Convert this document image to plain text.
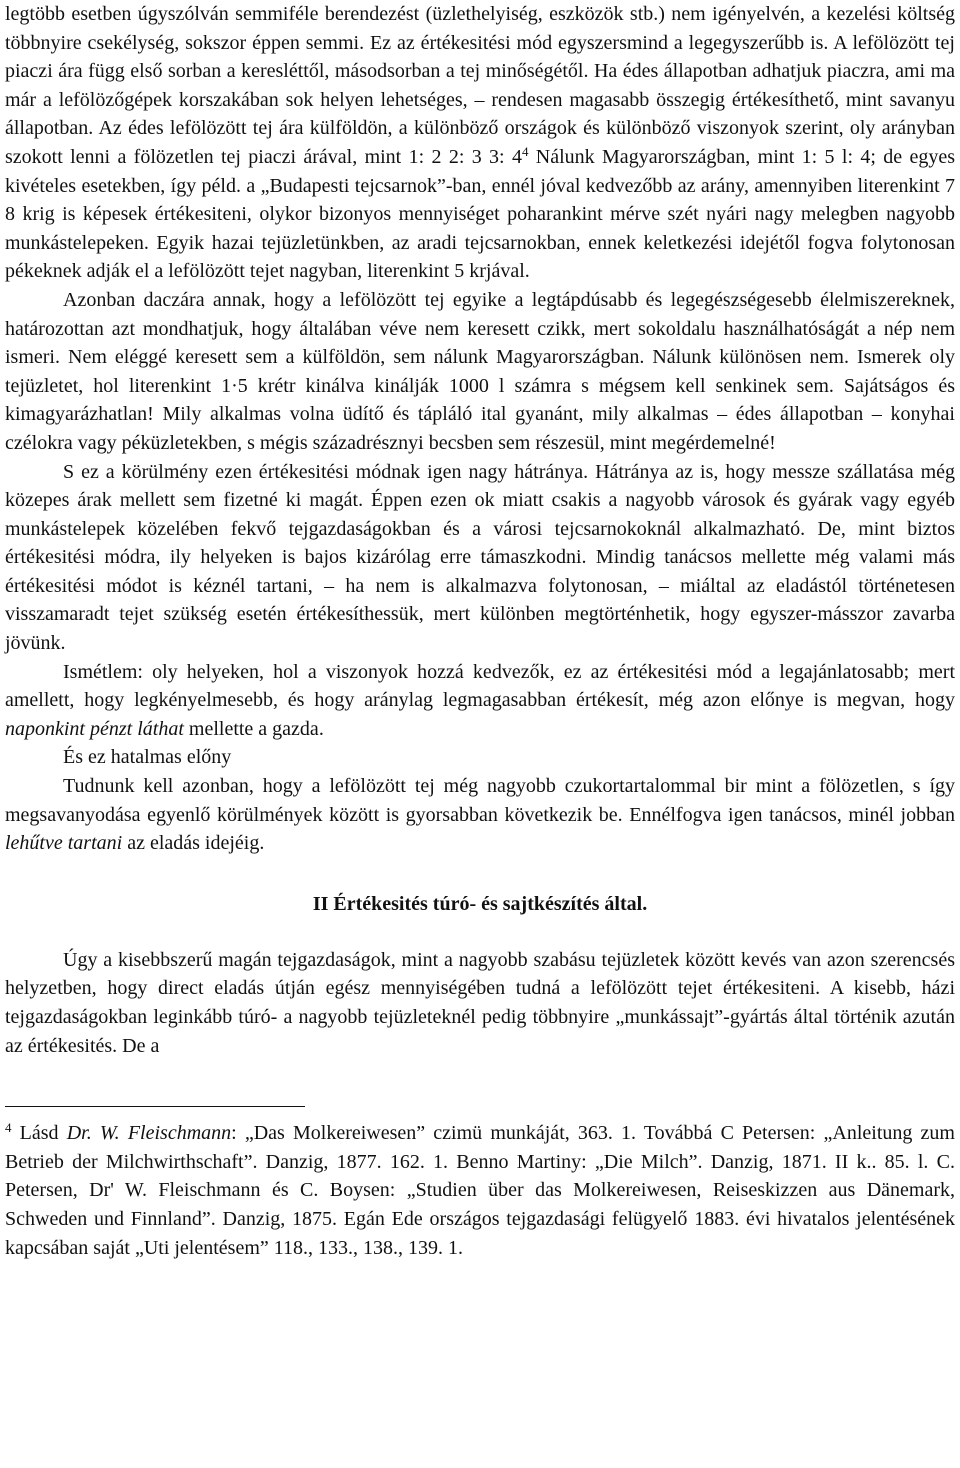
legtöbb esetben úgyszólván semmiféle berendezést (üzlethelyiség, eszközök stb.) nem igényelvén, a kezelési költség többnyire csekélység, sokszor éppen semmi. Ez az értékesitési mód egyszersmind a legegyszerűbb is. A lefölözött tej piaczi ára függ első sorban a keresléttől, másodsorban a tej minőségétől. Ha édes állapotban adhatjuk piaczra, ami ma már a lefölözőgépek korszakában sok helyen lehetséges, – rendesen magasabb összegig értékesíthető, mint savanyu állapotban. Az édes lefölözött tej ára külföldön, a különböző országok és különböző viszonyok szerint, oly arányban szokott lenni a fölözetlen tej piaczi árával, mint 1: 2 2: 3 3: $4^4$ Nálunk Magyarországban, mint 1: 5 l: 4; de egyes kivételes esetekben, így péld. a „Budapesti tejcsarnok”-ban, ennél jóval kedvezőbb az arány, amennyiben literenkint 7 8 krig is képesek értékesiteni, olykor bizonyos mennyiséget poharankint mérve szét nyári nagy melegben nagyobb munkástelepeken. Egyik hazai tejüzletünkben, az aradi tejcsarnokban, ennek keletkezési idejétől fogva folytonosan pékeknek adják el a lefölözött tejet nagyban, literenkint 5 krjával.

Azonban daczára annak, hogy a lefölözött tej egyike a legtápdúsabb és legegészségesebb élelmiszereknek, határozottan azt mondhatjuk, hogy általában véve nem keresett czikk, mert sokoldalu használhatóságát a nép nem ismeri. Nem eléggé keresett sem a külföldön, sem nálunk Magyarországban. Nálunk különösen nem. Ismerek oly tejüzletet, hol literenkint 1·5 krétr kinálva kinálják 1000 l számra s mégsem kell senkinek sem. Sajátságos és kimagyarázhatlan! Mily alkalmas volna üdítő és tápláló ital gyanánt, mily alkalmas – édes állapotban – konyhai czélokra vagy péküzletekben, s mégis századrésznyi becsben sem részesül, mint megérdemelné!

S ez a körülmény ezen értékesitési módnak igen nagy hátránya. Hátránya az is, hogy messze szállatása még közepes árak mellett sem fizetné ki magát. Éppen ezen ok miatt csakis a nagyobb városok és gyárak vagy egyéb munkástelepek közelében fekvő tejgazdaságokban és a városi tejcsarnokoknál alkalmazható. De, mint biztos értékesitési módra, ily helyeken is bajos kizárólag erre támaszkodni. Mindig tanácsos mellette még valami más értékesitési módot is kéznél tartani, – ha nem is alkalmazva folytonosan, – miáltal az eladástól történetesen visszamaradt tejet szükség esetén értékesíthessük, mert különben megtörténhetik, hogy egyszer-másszor zavarba jövünk.

Ismétlem: oly helyeken, hol a viszonyok hozzá kedvezők, ez az értékesitési mód a legajánlatosabb; mert amellett, hogy legkényelmesebb, és hogy aránylag legmagasabban értékesít, még azon előnye is megvan, hogy naponkint pénzt láthat mellette a gazda.

És ez hatalmas előny

Tudnunk kell azonban, hogy a lefölözött tej még nagyobb czukortartalommal bir mint a fölözetlen, s így megsavanyodása egyenlő körülmények között is gyorsabban következik be. Ennélfogva igen tanácsos, minél jobban lehűtve tartani az eladás idejéig.

II Értékesités túró- és sajtkészítés által.

Úgy a kisebbszerű magán tejgazdaságok, mint a nagyobb szabásu tejüzletek között kevés van azon szerencsés helyzetben, hogy direct eladás útján egész mennyiségében tudná a lefölözött tejet értékesiteni. A kisebb, házi tejgazdaságokban leginkább túró- a nagyobb tejüzleteknél pedig többnyire „munkássajt”-gyártás által történik azután az értékesités. De a

$^4$ Lásd Dr. W. Fleischmann: „Das Molkereiwesen” czimü munkáját, 363. 1. Továbbá C Petersen: „Anleitung zum Betrieb der Milchwirthschaft”. Danzig, 1877. 162. 1. Benno Martiny: „Die Milch”. Danzig, 1871. II k.. 85. l. C. Petersen, Dr' W. Fleischmann és C. Boysen: „Studien über das Molkereiwesen, Reiseskizzen aus Dänemark, Schweden und Finnland”. Danzig, 1875. Egán Ede országos tejgazdasági felügyelő 1883. évi hivatalos jelentésének kapcsában saját „Uti jelentésem” 118., 133., 138., 139. 1.
